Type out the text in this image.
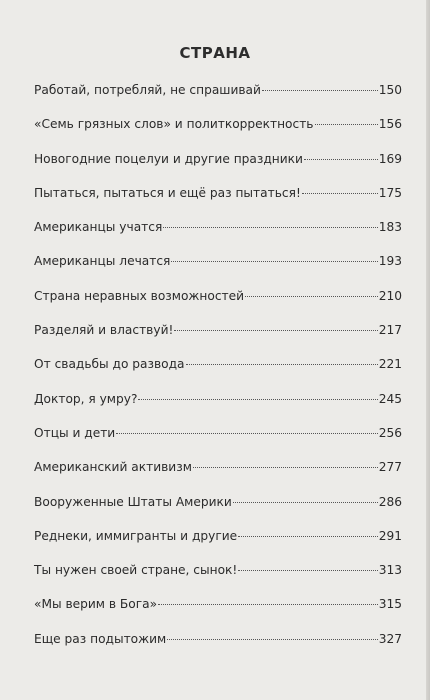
СТРАНА
Работай, потребляй, не спрашивай	150
«Семь грязных слов» и политкорректность	156
Новогодние поцелуи и другие праздники	169
Пытаться, пытаться и ещё раз пытаться!	175
Американцы учатся	183
Американцы лечатся	193
Страна неравных возможностей	210
Разделяй и властвуй!	217
От свадьбы до развода	221
Доктор, я умру?	245
Отцы и дети	256
Американский активизм	277
Вооруженные Штаты Америки	286
Реднеки, иммигранты и другие	291
Ты нужен своей стране, сынок!	313
«Мы верим в Бога»	315
Еще раз подытожим	327
